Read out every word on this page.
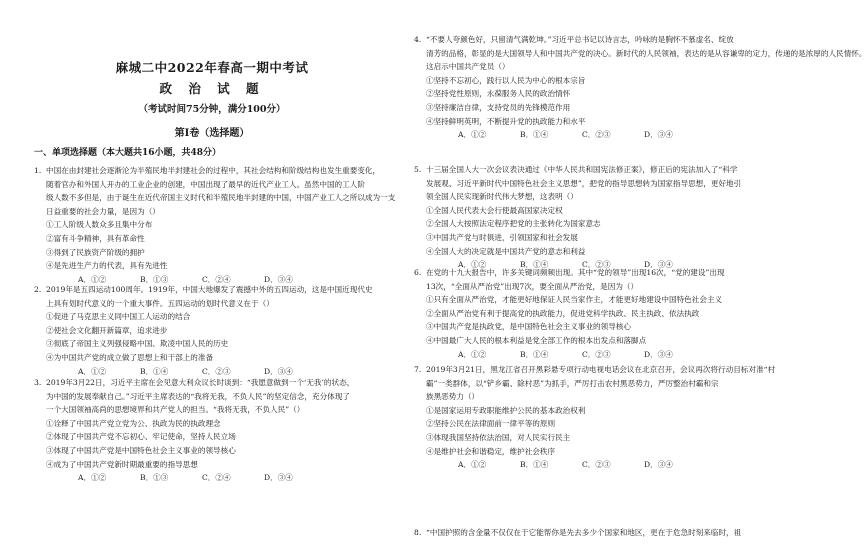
麻城二中2022年春高一期中考试
政 治 试 题
（考试时间75分钟，满分100分）
第Ⅰ卷（选择题）
一、单项选择题（本大题共16小题，共48分）
1. 中国在由封建社会逐渐沦为半殖民地半封建社会的过程中，其社会结构和阶级结构也发生重要变化，
随着官办和外国人开办的工业企业的创建，中国出现了最早的近代产业工人。虽然中国的工人阶
级人数不多但是，由于诞生在近代帝国主义时代和半殖民地半封建的中国，中国产业工人之所以成为一支
日益重要的社会力量，是因为（）
①工人阶级人数众多且集中分布
②富有斗争精神，具有革命性
③得到了民族资产阶级的拥护
④是先进生产力的代表，具有先进性
A．①②	B．①③	C．②④	D．③④
2. 2019年是五四运动100周年。1919年，中国大地爆发了震撼中外的五四运动，这是中国近现代史
上具有划时代意义的一个重大事件。五四运动的划时代意义在于（）
①促进了马克思主义同中国工人运动的结合
②使社会文化翻开新篇章，追求进步
③彻底了帝国主义列强侵略中国、欺凌中国人民的历史
④为中国共产党的成立做了思想上和干部上的准备
A．①②	B．①④	C．②③	D．③④
3. 2019年3月22日，习近平主席在会见意大利众议长时谈到：“我愿意做到一个‘无我’的状态，
为中国的发展奉献自己。”习近平主席表达的“我将无我，不负人民”的坚定信念，充分体现了
一个大国领袖高尚的思想境界和共产党人的担当。“我将无我，不负人民”（）
①诠释了中国共产党立党为公、执政为民的执政理念
②体现了中国共产党不忘初心、牢记使命，坚持人民立场
③体现了中国共产党是中国特色社会主义事业的领导核心
④成为了中国共产党新时期最重要的指导思想
A．①②	B．①③	C．②④	D．③④
4. “不要人夸颜色好，只留清气满乾坤。”习近平总书记以诗言志，吟咏的是胸怀不慕虚名、绽放
清芳的品格，彰显的是大国领导人和中国共产党的决心。新时代的人民领袖，表达的是从容谦卑的定力，传递的是浓厚的人民情怀。
这启示中国共产党员（）
①坚持不忘初心，践行以人民为中心的根本宗旨
②坚持党性原则，永葆服务人民的政治情怀
③坚持廉洁自律，支持党员的先锋模范作用
④坚持鲜明英明，不断提升党的执政能力和水平
A．①②	B．①④	C．②③	D．③④
5. 十三届全国人大一次会议表决通过《中华人民共和国宪法修正案》，修正后的宪法加入了“科学
发展观、习近平新时代中国特色社会主义思想”，把党的指导思想转为国家指导思想，更好地引
领全国人民实现新时代伟大梦想，这表明（）
①全国人民代表大会行使最高国家决定权
②全国人大按照法定程序把党的主张转化为国家意志
③中国共产党与时俱进，引领国家和社会发展
④全国人大的决定就是中国共产党的意志和利益
A．①②	B．①④	C．②③	D．③④
6. 在党的十九大报告中，许多关键词频频出现。其中“党的领导”出现16次，“党的建设”出现
13次，“全面从严治党”出现7次，要全面从严治党，是因为（）
①只有全面从严治党，才能更好地保证人民当家作主，才能更好地建设中国特色社会主义
②全面从严治党有利于提高党的执政能力，促进党科学执政、民主执政、依法执政
③中国共产党是执政党，是中国特色社会主义事业的领导核心
④中国最广大人民的根本利益是党全部工作的根本出发点和落脚点
A．①②	B．①④	C．②③	D．③④
7. 2019年3月21日，黑龙江省召开黑彩悬专项行动电视电话会议在北京召开，会议再次将行动目标对准“村
霸”一类群体，以“铲乡霸、除村恶”为抓手，严厉打击农村黑恶势力，严厉整治村霸和宗
族黑恶势力（）
①是国家运用专政职能维护公民的基本政治权利
②坚持公民在法律面前一律平等的原则
③体现我国坚持依法治国，对人民实行民主
④是维护社会和谐稳定，维护社会秩序
A．①②	B．①④	C．②③	D．③④
8. “中国护照的含金量不仅仅在于它能帮你是先去多少个国家和地区，更在于危急时刻来临时，祖
